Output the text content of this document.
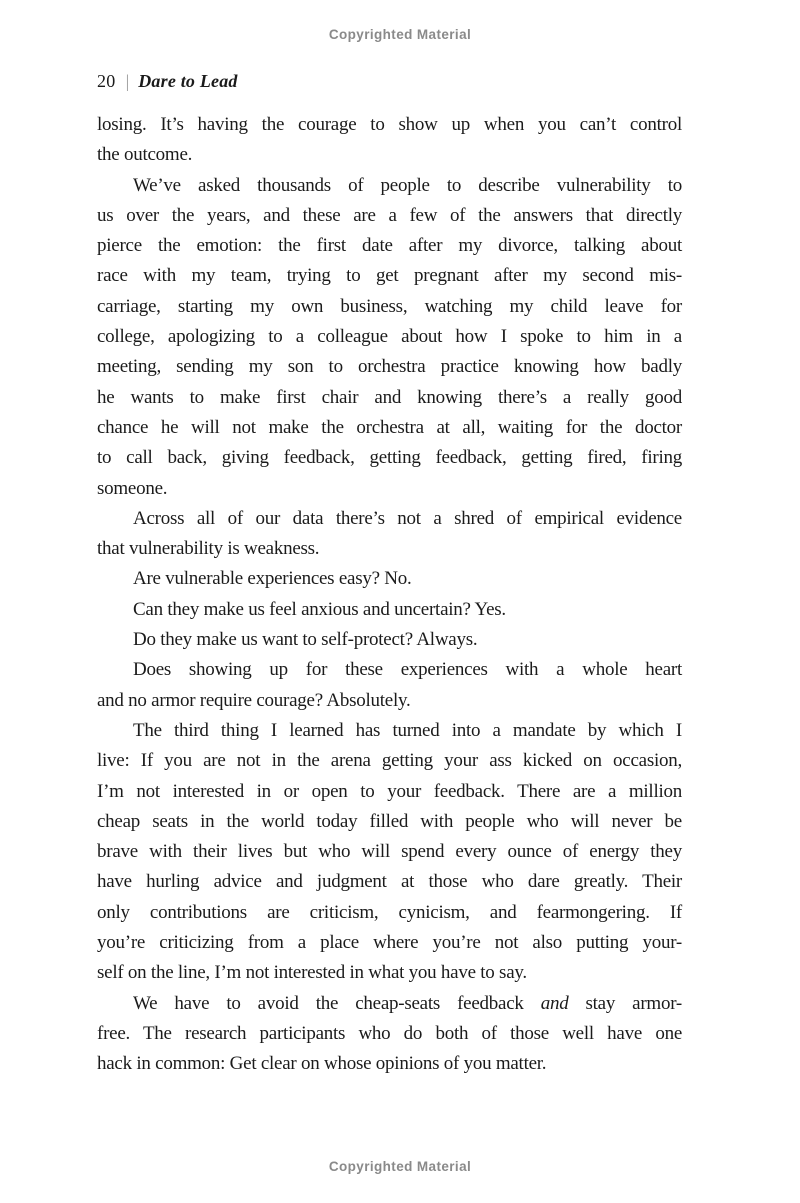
Copyrighted Material
20 | Dare to Lead
losing. It’s having the courage to show up when you can’t control
the outcome.
We’ve asked thousands of people to describe vulnerability to
us over the years, and these are a few of the answers that directly
pierce the emotion: the first date after my divorce, talking about
race with my team, trying to get pregnant after my second mis-
carriage, starting my own business, watching my child leave for
college, apologizing to a colleague about how I spoke to him in a
meeting, sending my son to orchestra practice knowing how badly
he wants to make first chair and knowing there’s a really good
chance he will not make the orchestra at all, waiting for the doctor
to call back, giving feedback, getting feedback, getting fired, firing
someone.
Across all of our data there’s not a shred of empirical evidence
that vulnerability is weakness.
Are vulnerable experiences easy? No.
Can they make us feel anxious and uncertain? Yes.
Do they make us want to self-protect? Always.
Does showing up for these experiences with a whole heart
and no armor require courage? Absolutely.
The third thing I learned has turned into a mandate by which I
live: If you are not in the arena getting your ass kicked on occasion,
I’m not interested in or open to your feedback. There are a million
cheap seats in the world today filled with people who will never be
brave with their lives but who will spend every ounce of energy they
have hurling advice and judgment at those who dare greatly. Their
only contributions are criticism, cynicism, and fearmongering. If
you’re criticizing from a place where you’re not also putting your-
self on the line, I’m not interested in what you have to say.
We have to avoid the cheap-seats feedback and stay armor-
free. The research participants who do both of those well have one
hack in common: Get clear on whose opinions of you matter.
Copyrighted Material
